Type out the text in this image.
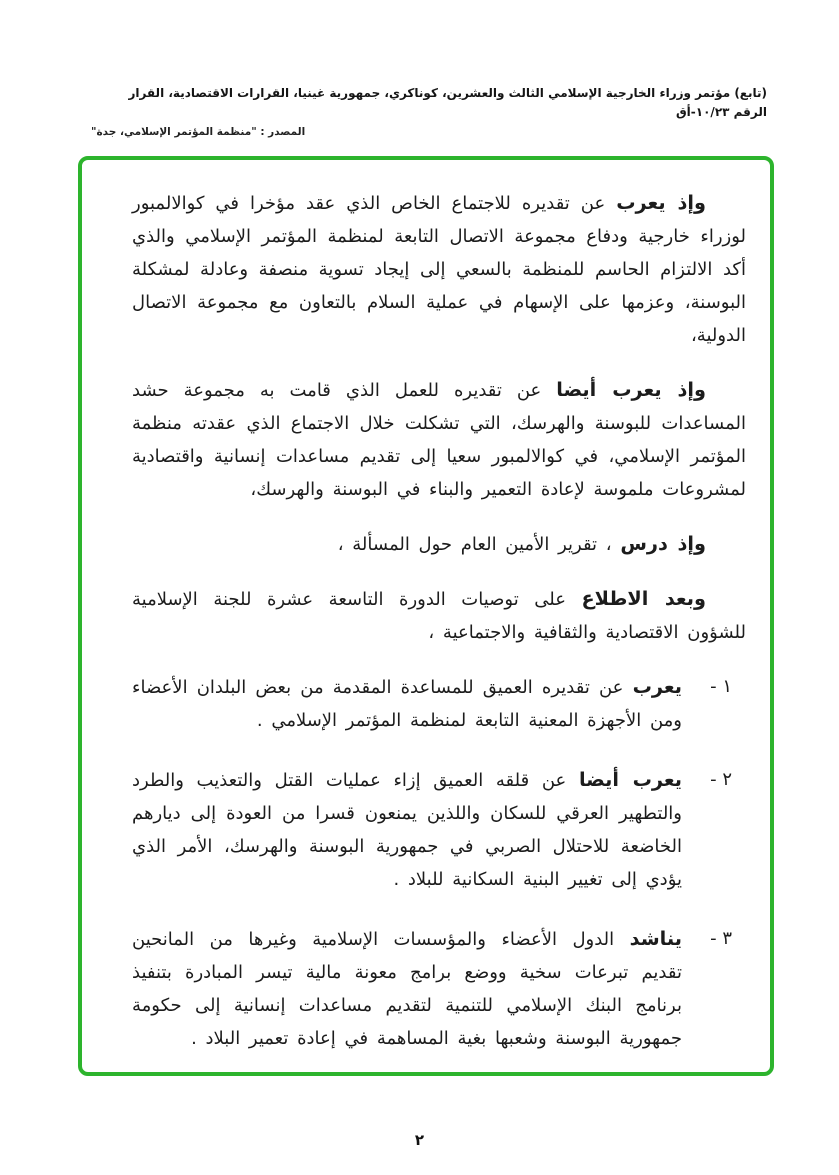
(تابع) مؤتمر وزراء الخارجية الإسلامي الثالث والعشرين، كوناكري، جمهورية غينيا، القرارات الاقتصادية، القرار الرقم ١٠/٢٣-أق
المصدر : "منظمة المؤتمر الإسلامي، جدة"

وإذ يعرب عن تقديره للاجتماع الخاص الذي عقد مؤخرا في كوالالمبور لوزراء خارجية ودفاع مجموعة الاتصال التابعة لمنظمة المؤتمر الإسلامي والذي أكد الالتزام الحاسم للمنظمة بالسعي إلى إيجاد تسوية منصفة وعادلة لمشكلة البوسنة، وعزمها على الإسهام في عملية السلام بالتعاون مع مجموعة الاتصال الدولية،

وإذ يعرب أيضا عن تقديره للعمل الذي قامت به مجموعة حشد المساعدات للبوسنة والهرسك، التي تشكلت خلال الاجتماع الذي عقدته منظمة المؤتمر الإسلامي، في كوالالمبور سعيا إلى تقديم مساعدات إنسانية واقتصادية لمشروعات ملموسة لإعادة التعمير والبناء في البوسنة والهرسك،

وإذ درس ، تقرير الأمين العام حول المسألة ،

وبعد الاطلاع على توصيات الدورة التاسعة عشرة للجنة الإسلامية للشؤون الاقتصادية والثقافية والاجتماعية ،

١ -

يعرب عن تقديره العميق للمساعدة المقدمة من بعض البلدان الأعضاء ومن الأجهزة المعنية التابعة لمنظمة المؤتمر الإسلامي .

٢ -

يعرب أيضا عن قلقه العميق إزاء عمليات القتل والتعذيب والطرد والتطهير العرقي للسكان واللذين يمنعون قسرا من العودة إلى ديارهم الخاضعة للاحتلال الصربي في جمهورية البوسنة والهرسك، الأمر الذي يؤدي إلى تغيير البنية السكانية للبلاد .

٣ -

يناشد الدول الأعضاء والمؤسسات الإسلامية وغيرها من المانحين تقديم تبرعات سخية ووضع برامج معونة مالية تيسر المبادرة بتنفيذ برنامج البنك الإسلامي للتنمية لتقديم مساعدات إنسانية إلى حكومة جمهورية البوسنة وشعبها بغية المساهمة في إعادة تعمير البلاد .

٢
